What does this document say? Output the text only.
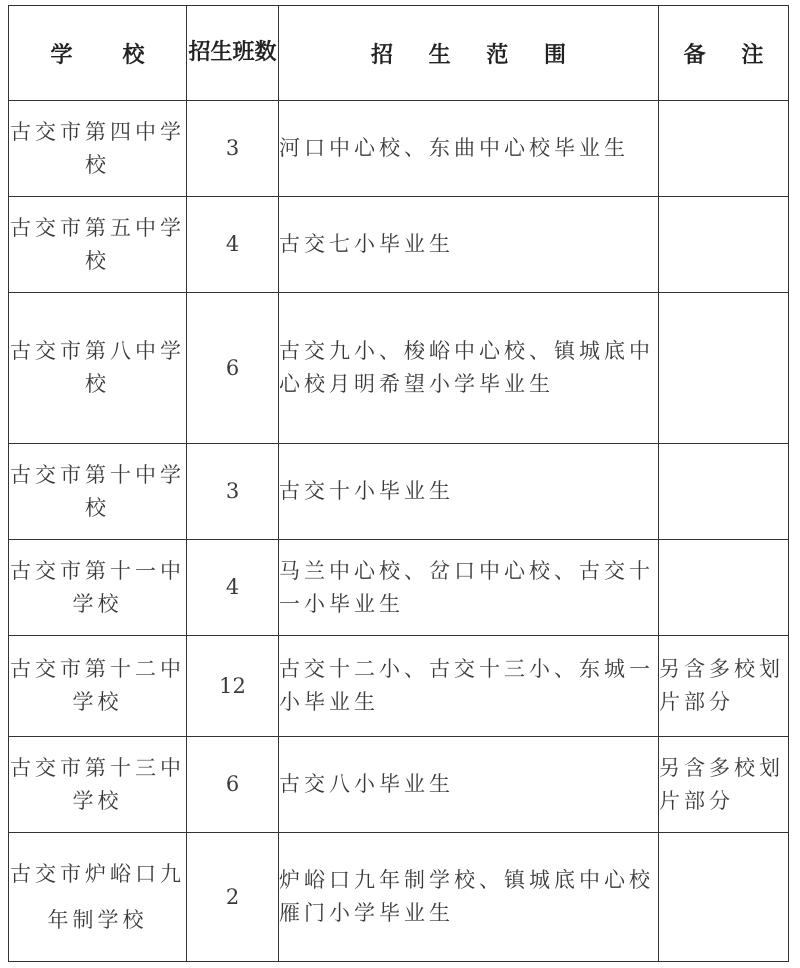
学　校	招生班数	招 生 范 围	备 注
古交市第四中学校	3	河口中心校、东曲中心校毕业生	
古交市第五中学校	4	古交七小毕业生	
古交市第八中学校	6	古交九小、梭峪中心校、镇城底中心校月明希望小学毕业生	
古交市第十中学校	3	古交十小毕业生	
古交市第十一中学校	4	马兰中心校、岔口中心校、古交十一小毕业生	
古交市第十二中学校	12	古交十二小、古交十三小、东城一小毕业生	另含多校划片部分
古交市第十三中学校	6	古交八小毕业生	另含多校划片部分
古交市炉峪口九年制学校	2	炉峪口九年制学校、镇城底中心校雁门小学毕业生	
